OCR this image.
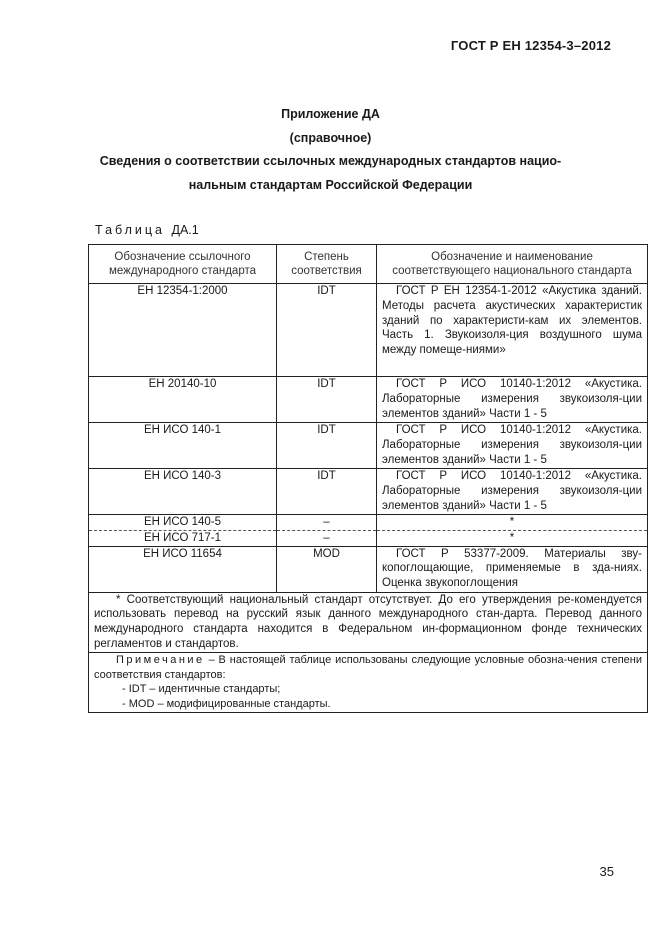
ГОСТ Р ЕН 12354-3–2012
Приложение ДА
(справочное)
Сведения о соответствии ссылочных международных стандартов нацио-
нальным стандартам Российской Федерации
Таблица ДА.1
Обозначение ссылочного международного стандарта	Степень соответствия	Обозначение и наименование соответствующего национального стандарта
ЕН 12354-1:2000	IDT	ГОСТ Р ЕН 12354-1-2012 «Акустика зданий. Методы расчета акустических характеристик зданий по характеристи-кам их элементов. Часть 1. Звукоизоля-ция воздушного шума между помеще-ниями»
ЕН 20140-10	IDT	ГОСТ Р ИСО 10140-1:2012 «Акустика. Лабораторные измерения звукоизоля-ции элементов зданий» Части 1 - 5
ЕН ИСО 140-1	IDT	ГОСТ Р ИСО 10140-1:2012 «Акустика. Лабораторные измерения звукоизоля-ции элементов зданий» Части 1 - 5
ЕН ИСО 140-3	IDT	ГОСТ Р ИСО 10140-1:2012 «Акустика. Лабораторные измерения звукоизоля-ции элементов зданий» Части 1 - 5
ЕН ИСО 140-5	–	*
ЕН ИСО 717-1	–	*
ЕН ИСО 11654	MOD	ГОСТ Р 53377-2009. Материалы зву-копоглощающие, применяемые в зда-ниях. Оценка звукопоглощения
* Соответствующий национальный стандарт отсутствует. До его утверждения ре-комендуется использовать перевод на русский язык данного международного стан-дарта. Перевод данного международного стандарта находится в Федеральном ин-формационном фонде технических регламентов и стандартов.		
Примечание – В настоящей таблице использованы следующие условные обозна-чения степени соответствия стандартов:
- IDT – идентичные стандарты;
- MOD – модифицированные стандарты.		
35
